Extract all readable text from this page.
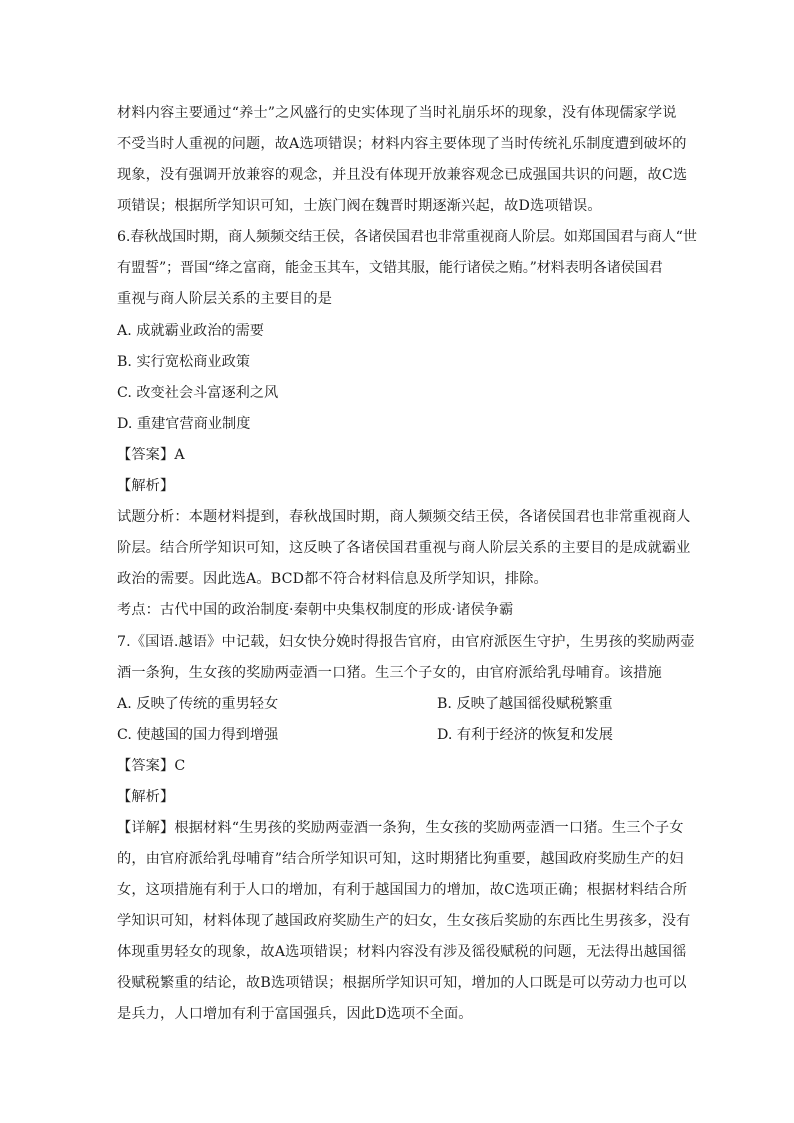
材料内容主要通过“养士”之风盛行的史实体现了当时礼崩乐坏的现象，没有体现儒家学说
不受当时人重视的问题，故A选项错误；材料内容主要体现了当时传统礼乐制度遭到破坏的
现象，没有强调开放兼容的观念，并且没有体现开放兼容观念已成强国共识的问题，故C选
项错误；根据所学知识可知，士族门阀在魏晋时期逐渐兴起，故D选项错误。
6.春秋战国时期，商人频频交结王侯，各诸侯国君也非常重视商人阶层。如郑国国君与商人“世
有盟誓”；晋国“绛之富商，能金玉其车，文错其服，能行诸侯之贿。”材料表明各诸侯国君
重视与商人阶层关系的主要目的是
A. 成就霸业政治的需要
B. 实行宽松商业政策
C. 改变社会斗富逐利之风
D. 重建官营商业制度
【答案】A
【解析】
试题分析：本题材料提到，春秋战国时期，商人频频交结王侯，各诸侯国君也非常重视商人
阶层。结合所学知识可知，这反映了各诸侯国君重视与商人阶层关系的主要目的是成就霸业
政治的需要。因此选A。BCD都不符合材料信息及所学知识，排除。
考点：古代中国的政治制度·秦朝中央集权制度的形成·诸侯争霸
7.《国语.越语》中记载，妇女快分娩时得报告官府，由官府派医生守护，生男孩的奖励两壶
酒一条狗，生女孩的奖励两壶酒一口猪。生三个子女的，由官府派给乳母哺育。该措施
A. 反映了传统的重男轻女	B. 反映了越国徭役赋税繁重
C. 使越国的国力得到增强	D. 有利于经济的恢复和发展
【答案】C
【解析】
【详解】根据材料“生男孩的奖励两壶酒一条狗，生女孩的奖励两壶酒一口猪。生三个子女
的，由官府派给乳母哺育”结合所学知识可知，这时期猪比狗重要，越国政府奖励生产的妇
女，这项措施有利于人口的增加，有利于越国国力的增加，故C选项正确；根据材料结合所
学知识可知，材料体现了越国政府奖励生产的妇女，生女孩后奖励的东西比生男孩多，没有
体现重男轻女的现象，故A选项错误；材料内容没有涉及徭役赋税的问题，无法得出越国徭
役赋税繁重的结论，故B选项错误；根据所学知识可知，增加的人口既是可以劳动力也可以
是兵力，人口增加有利于富国强兵，因此D选项不全面。
